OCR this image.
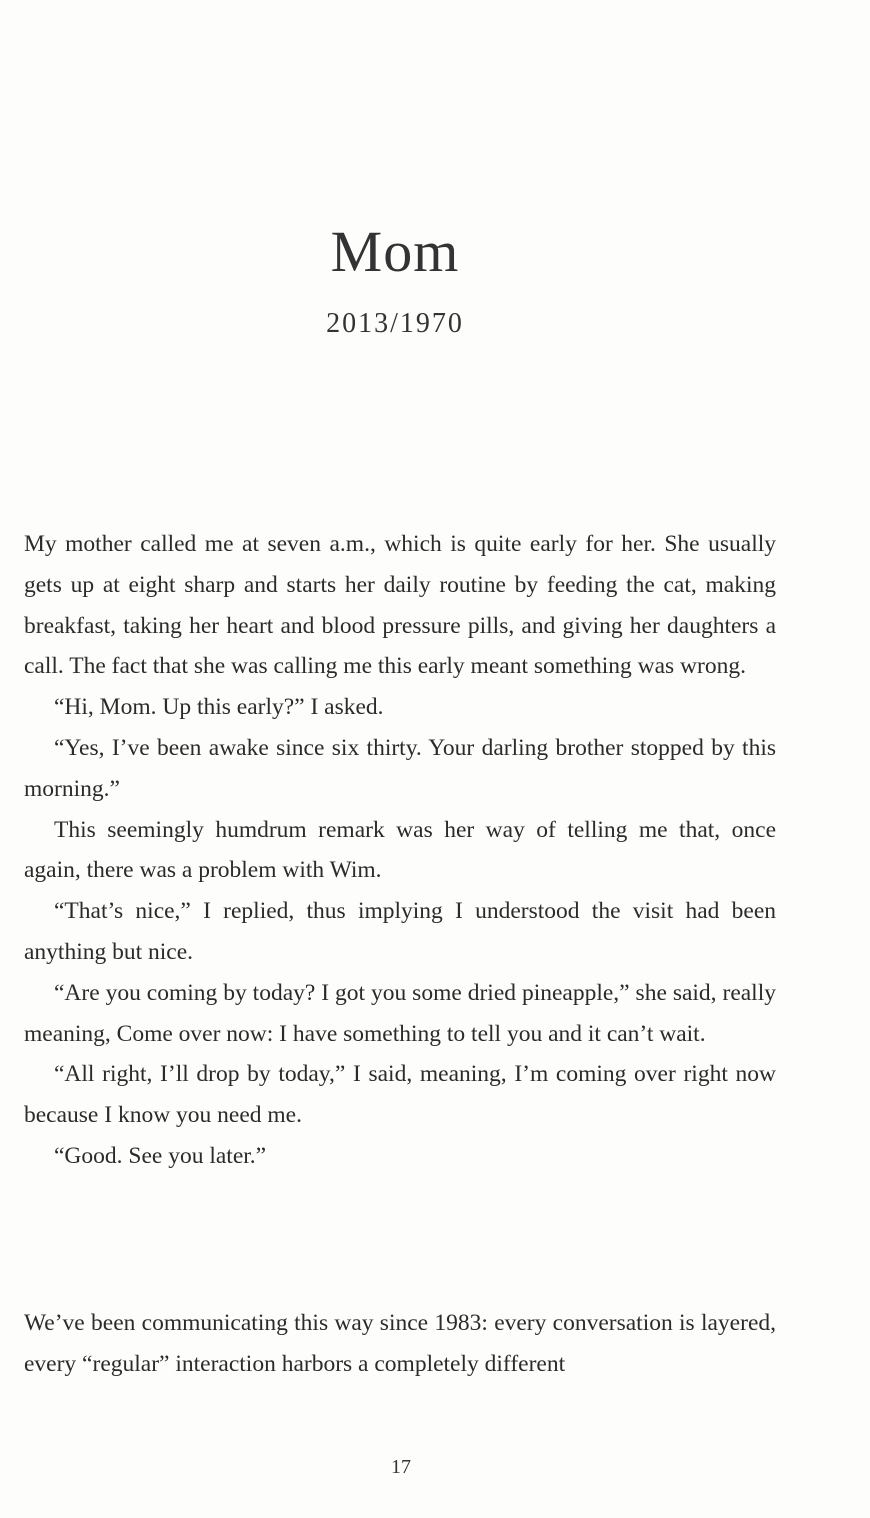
Mom
2013/1970

My mother called me at seven a.m., which is quite early for her. She usually gets up at eight sharp and starts her daily routine by feeding the cat, making breakfast, taking her heart and blood pressure pills, and giving her daughters a call. The fact that she was calling me this early meant something was wrong.

“Hi, Mom. Up this early?” I asked.

“Yes, I’ve been awake since six thirty. Your darling brother stopped by this morning.”

This seemingly humdrum remark was her way of telling me that, once again, there was a problem with Wim.

“That’s nice,” I replied, thus implying I understood the visit had been anything but nice.

“Are you coming by today? I got you some dried pineapple,” she said, really meaning, Come over now: I have something to tell you and it can’t wait.

“All right, I’ll drop by today,” I said, meaning, I’m coming over right now because I know you need me.

“Good. See you later.”

We’ve been communicating this way since 1983: every conversation is layered, every “regular” interaction harbors a completely different

17
